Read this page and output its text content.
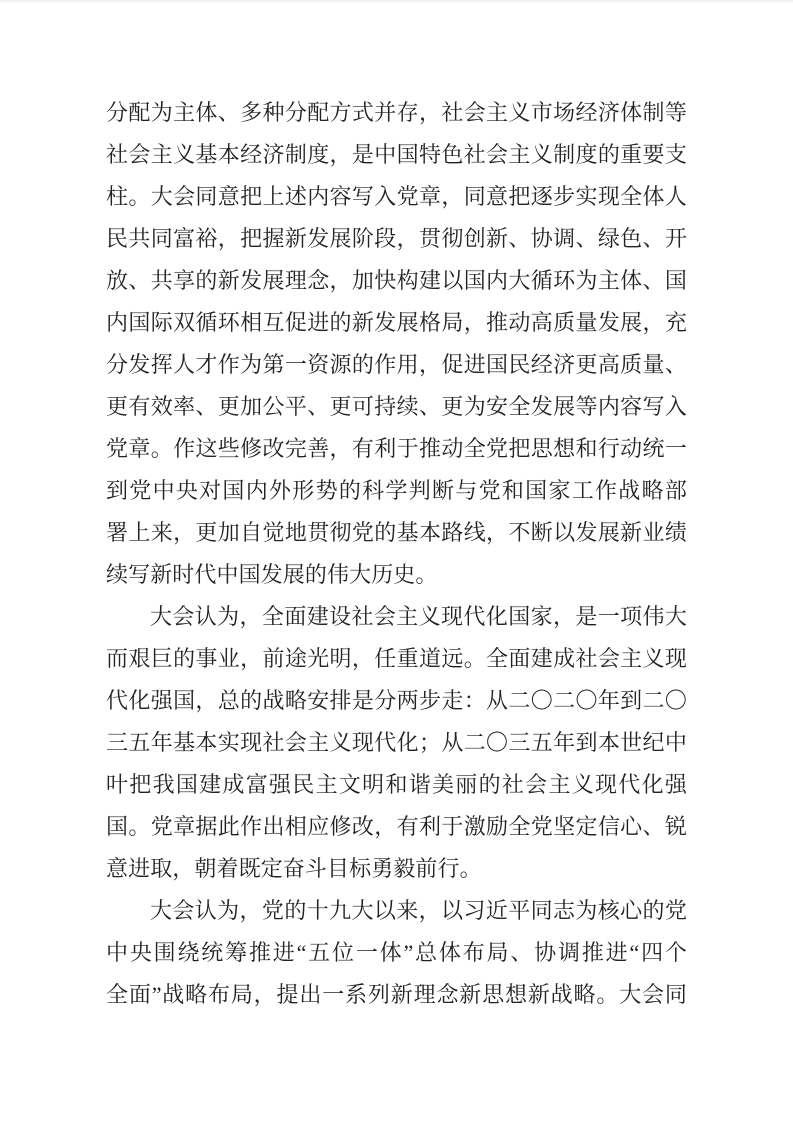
分配为主体、多种分配方式并存，社会主义市场经济体制等
社会主义基本经济制度，是中国特色社会主义制度的重要支
柱。大会同意把上述内容写入党章，同意把逐步实现全体人
民共同富裕，把握新发展阶段，贯彻创新、协调、绿色、开
放、共享的新发展理念，加快构建以国内大循环为主体、国
内国际双循环相互促进的新发展格局，推动高质量发展，充
分发挥人才作为第一资源的作用，促进国民经济更高质量、
更有效率、更加公平、更可持续、更为安全发展等内容写入
党章。作这些修改完善，有利于推动全党把思想和行动统一
到党中央对国内外形势的科学判断与党和国家工作战略部
署上来，更加自觉地贯彻党的基本路线，不断以发展新业绩
续写新时代中国发展的伟大历史。
大会认为，全面建设社会主义现代化国家，是一项伟大
而艰巨的事业，前途光明，任重道远。全面建成社会主义现
代化强国，总的战略安排是分两步走：从二〇二〇年到二〇
三五年基本实现社会主义现代化；从二〇三五年到本世纪中
叶把我国建成富强民主文明和谐美丽的社会主义现代化强
国。党章据此作出相应修改，有利于激励全党坚定信心、锐
意进取，朝着既定奋斗目标勇毅前行。
大会认为，党的十九大以来，以习近平同志为核心的党
中央围绕统筹推进“五位一体”总体布局、协调推进“四个
全面”战略布局，提出一系列新理念新思想新战略。大会同
